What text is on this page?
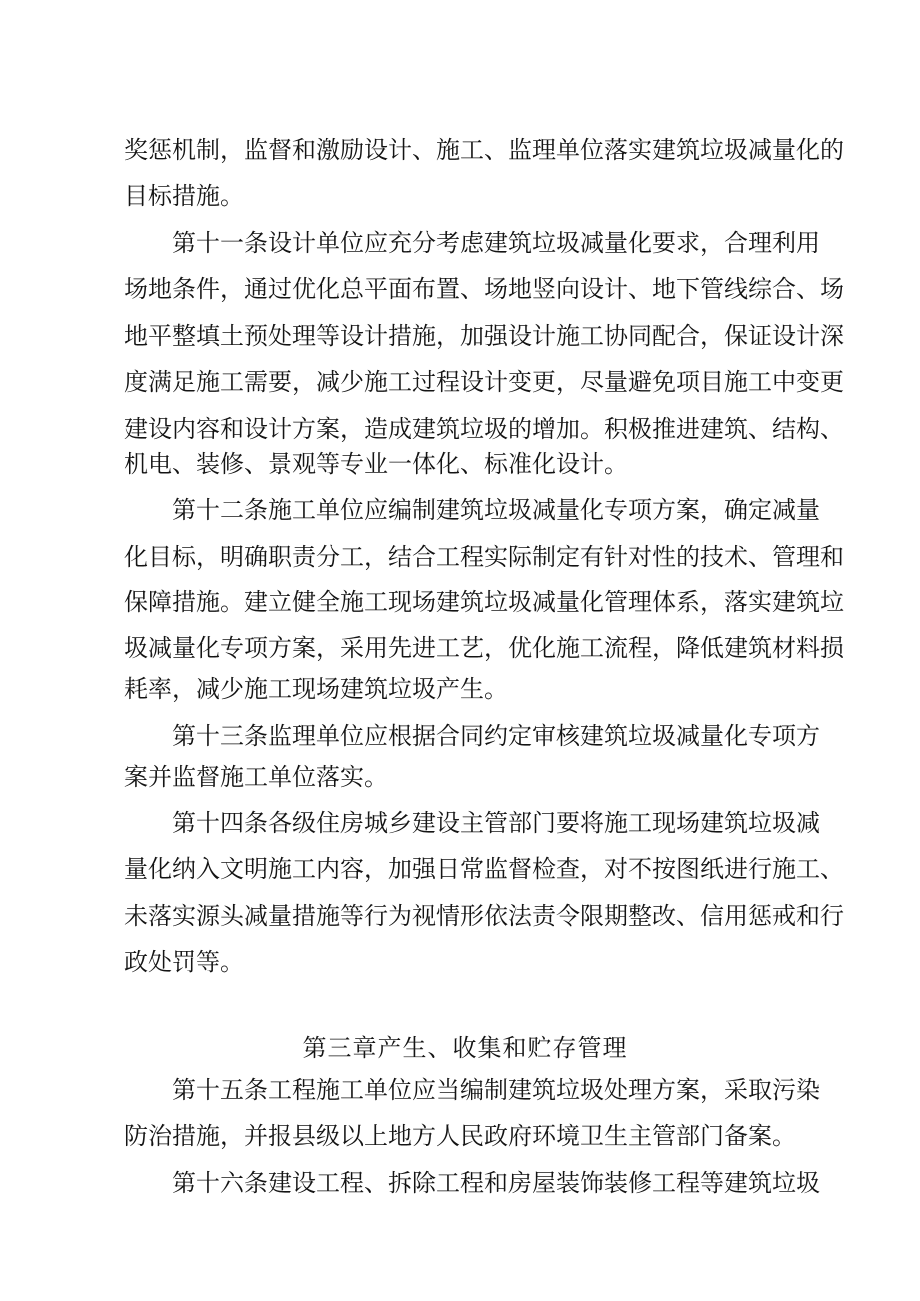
奖惩机制，监督和激励设计、施工、监理单位落实建筑垃圾减量化的
目标措施。
第十一条设计单位应充分考虑建筑垃圾减量化要求，合理利用
场地条件，通过优化总平面布置、场地竖向设计、地下管线综合、场
地平整填土预处理等设计措施，加强设计施工协同配合，保证设计深
度满足施工需要，减少施工过程设计变更，尽量避免项目施工中变更
建设内容和设计方案，造成建筑垃圾的增加。积极推进建筑、结构、
机电、装修、景观等专业一体化、标准化设计。
第十二条施工单位应编制建筑垃圾减量化专项方案，确定减量
化目标，明确职责分工，结合工程实际制定有针对性的技术、管理和
保障措施。建立健全施工现场建筑垃圾减量化管理体系，落实建筑垃
圾减量化专项方案，采用先进工艺，优化施工流程，降低建筑材料损
耗率，减少施工现场建筑垃圾产生。
第十三条监理单位应根据合同约定审核建筑垃圾减量化专项方
案并监督施工单位落实。
第十四条各级住房城乡建设主管部门要将施工现场建筑垃圾减
量化纳入文明施工内容，加强日常监督检查，对不按图纸进行施工、
未落实源头减量措施等行为视情形依法责令限期整改、信用惩戒和行
政处罚等。
第三章产生、收集和贮存管理
第十五条工程施工单位应当编制建筑垃圾处理方案，采取污染
防治措施，并报县级以上地方人民政府环境卫生主管部门备案。
第十六条建设工程、拆除工程和房屋装饰装修工程等建筑垃圾
